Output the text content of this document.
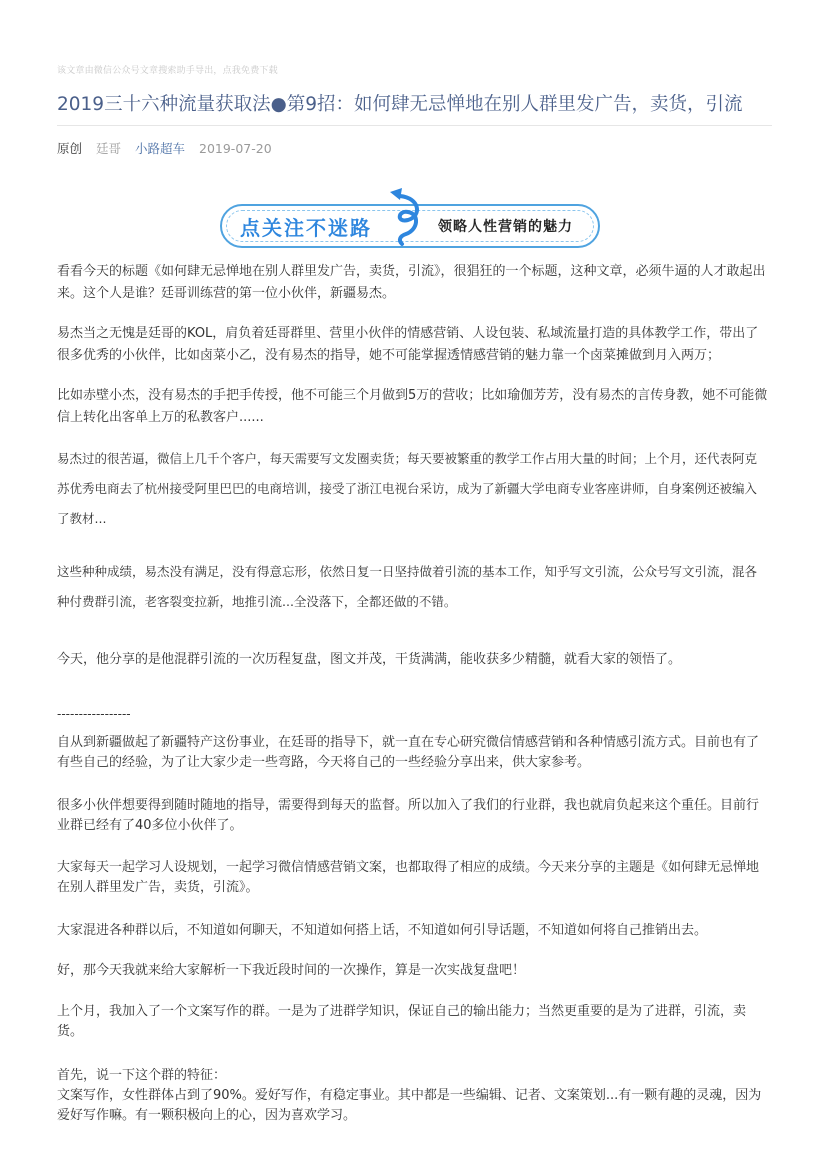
该文章由微信公众号文章搜索助手导出，点我免费下载
2019三十六种流量获取法●第9招：如何肆无忌惮地在别人群里发广告，卖货，引流
原创 廷哥 小路超车 2019-07-20
点关注不迷路	领略人性营销的魅力

看看今天的标题《如何肆无忌惮地在别人群里发广告，卖货，引流》，很猖狂的一个标题，这种文章，必须牛逼的人才敢起出来。这个人是谁？廷哥训练营的第一位小伙伴，新疆易杰。

易杰当之无愧是廷哥的KOL，肩负着廷哥群里、营里小伙伴的情感营销、人设包装、私域流量打造的具体教学工作，带出了很多优秀的小伙伴，比如卤菜小乙，没有易杰的指导，她不可能掌握透情感营销的魅力靠一个卤菜摊做到月入两万；

比如赤壁小杰，没有易杰的手把手传授，他不可能三个月做到5万的营收；比如瑜伽芳芳，没有易杰的言传身教，她不可能微信上转化出客单上万的私教客户......

易杰过的很苦逼，微信上几千个客户，每天需要写文发圈卖货；每天要被繁重的教学工作占用大量的时间；上个月，还代表阿克苏优秀电商去了杭州接受阿里巴巴的电商培训，接受了浙江电视台采访，成为了新疆大学电商专业客座讲师，自身案例还被编入了教材...

这些种种成绩，易杰没有满足，没有得意忘形，依然日复一日坚持做着引流的基本工作，知乎写文引流，公众号写文引流，混各种付费群引流，老客裂变拉新，地推引流...全没落下，全都还做的不错。

今天，他分享的是他混群引流的一次历程复盘，图文并茂，干货满满，能收获多少精髓，就看大家的领悟了。

-----------------

自从到新疆做起了新疆特产这份事业，在廷哥的指导下，就一直在专心研究微信情感营销和各种情感引流方式。目前也有了有些自己的经验，为了让大家少走一些弯路，今天将自己的一些经验分享出来，供大家参考。

很多小伙伴想要得到随时随地的指导，需要得到每天的监督。所以加入了我们的行业群，我也就肩负起来这个重任。目前行业群已经有了40多位小伙伴了。

大家每天一起学习人设规划，一起学习微信情感营销文案，也都取得了相应的成绩。今天来分享的主题是《如何肆无忌惮地在别人群里发广告，卖货，引流》。

大家混进各种群以后，不知道如何聊天，不知道如何搭上话，不知道如何引导话题，不知道如何将自己推销出去。

好，那今天我就来给大家解析一下我近段时间的一次操作，算是一次实战复盘吧！

上个月，我加入了一个文案写作的群。一是为了进群学知识，保证自己的输出能力；当然更重要的是为了进群，引流，卖货。

首先，说一下这个群的特征：

文案写作，女性群体占到了90%。爱好写作，有稳定事业。其中都是一些编辑、记者、文案策划...有一颗有趣的灵魂，因为爱好写作嘛。有一颗积极向上的心，因为喜欢学习。
